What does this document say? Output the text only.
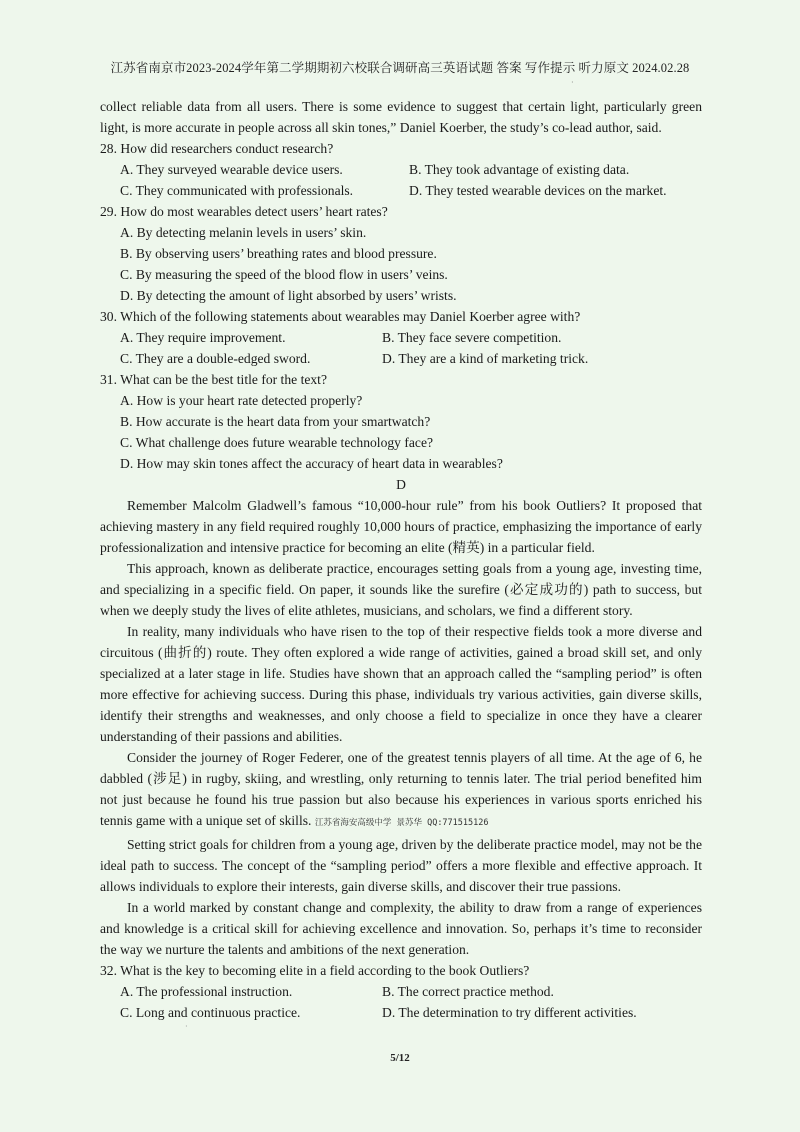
江苏省南京市2023-2024学年第二学期期初六校联合调研高三英语试题 答案 写作提示 听力原文 2024.02.28
·

collect reliable data from all users. There is some evidence to suggest that certain light, particularly green light, is more accurate in people across all skin tones,” Daniel Koerber, the study’s co-lead author, said.

28. How did researchers conduct research?

A. They surveyed wearable device users.	B. They took advantage of existing data.
C. They communicated with professionals.	D. They tested wearable devices on the market.

29. How do most wearables detect users’ heart rates?

A. By detecting melanin levels in users’ skin.

B. By observing users’ breathing rates and blood pressure.

C. By measuring the speed of the blood flow in users’ veins.

D. By detecting the amount of light absorbed by users’ wrists.

30. Which of the following statements about wearables may Daniel Koerber agree with?

A. They require improvement.	B. They face severe competition.
C. They are a double-edged sword.	D. They are a kind of marketing trick.

31. What can be the best title for the text?

A. How is your heart rate detected properly?

B. How accurate is the heart data from your smartwatch?

C. What challenge does future wearable technology face?

D. How may skin tones affect the accuracy of heart data in wearables?

D

Remember Malcolm Gladwell’s famous “10,000-hour rule” from his book Outliers? It proposed that achieving mastery in any field required roughly 10,000 hours of practice, emphasizing the importance of early professionalization and intensive practice for becoming an elite (精英) in a particular field.

This approach, known as deliberate practice, encourages setting goals from a young age, investing time, and specializing in a specific field. On paper, it sounds like the surefire (必定成功的) path to success, but when we deeply study the lives of elite athletes, musicians, and scholars, we find a different story.

In reality, many individuals who have risen to the top of their respective fields took a more diverse and circuitous (曲折的) route. They often explored a wide range of activities, gained a broad skill set, and only specialized at a later stage in life. Studies have shown that an approach called the “sampling period” is often more effective for achieving success. During this phase, individuals try various activities, gain diverse skills, identify their strengths and weaknesses, and only choose a field to specialize in once they have a clearer understanding of their passions and abilities.

Consider the journey of Roger Federer, one of the greatest tennis players of all time. At the age of 6, he dabbled (涉足) in rugby, skiing, and wrestling, only returning to tennis later. The trial period benefited him not just because he found his true passion but also because his experiences in various sports enriched his tennis game with a unique set of skills. 江苏省海安高级中学 景苏华 QQ:771515126

Setting strict goals for children from a young age, driven by the deliberate practice model, may not be the ideal path to success. The concept of the “sampling period” offers a more flexible and effective approach. It allows individuals to explore their interests, gain diverse skills, and discover their true passions.

In a world marked by constant change and complexity, the ability to draw from a range of experiences and knowledge is a critical skill for achieving excellence and innovation. So, perhaps it’s time to reconsider the way we nurture the talents and ambitions of the next generation.

32. What is the key to becoming elite in a field according to the book Outliers?

A. The professional instruction.	B. The correct practice method.
C. Long and continuous practice.	D. The determination to try different activities.
·
5/12
